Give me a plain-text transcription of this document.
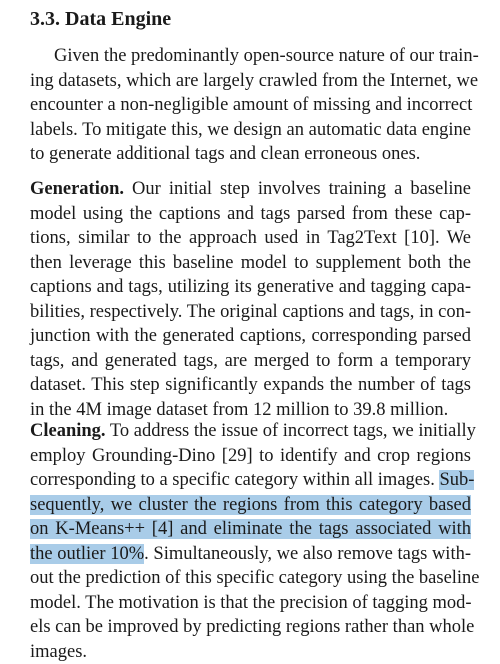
3.3. Data Engine
Given the predominantly open-source nature of our train-
ing datasets, which are largely crawled from the Internet, we
encounter a non-negligible amount of missing and incorrect
labels. To mitigate this, we design an automatic data engine
to generate additional tags and clean erroneous ones.
Generation. Our initial step involves training a baseline
model using the captions and tags parsed from these cap-
tions, similar to the approach used in Tag2Text [10]. We
then leverage this baseline model to supplement both the
captions and tags, utilizing its generative and tagging capa-
bilities, respectively. The original captions and tags, in con-
junction with the generated captions, corresponding parsed
tags, and generated tags, are merged to form a temporary
dataset. This step significantly expands the number of tags
in the 4M image dataset from 12 million to 39.8 million.
Cleaning. To address the issue of incorrect tags, we initially
employ Grounding-Dino [29] to identify and crop regions
corresponding to a specific category within all images. Sub-
sequently, we cluster the regions from this category based
on K-Means++ [4] and eliminate the tags associated with
the outlier 10%. Simultaneously, we also remove tags with-
out the prediction of this specific category using the baseline
model. The motivation is that the precision of tagging mod-
els can be improved by predicting regions rather than whole
images.
